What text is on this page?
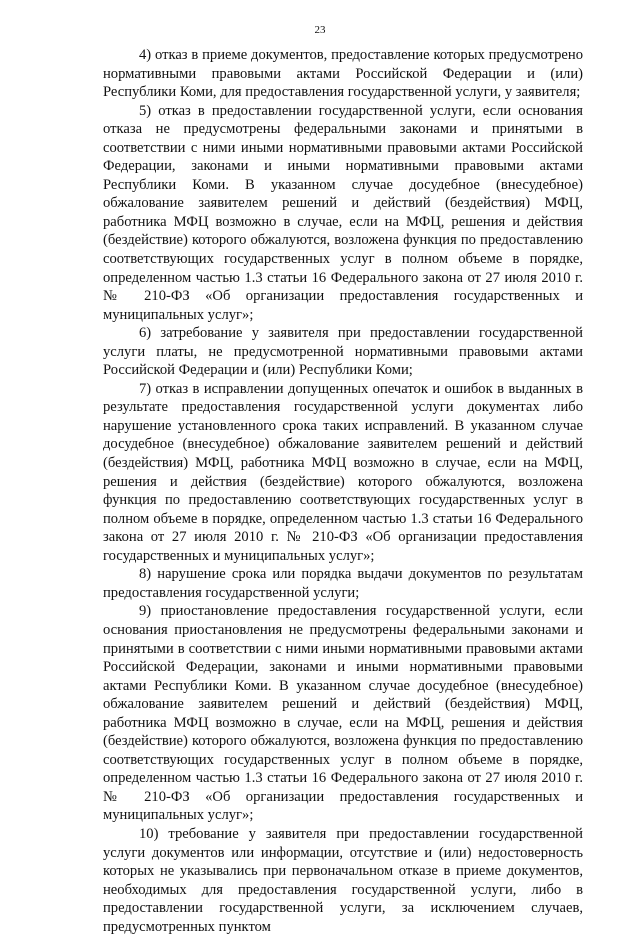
23

4) отказ в приеме документов, предоставление которых предусмотрено нормативными правовыми актами Российской Федерации и (или) Республики Коми, для предоставления государственной услуги, у заявителя;

5) отказ в предоставлении государственной услуги, если основания отказа не предусмотрены федеральными законами и принятыми в соответствии с ними иными нормативными правовыми актами Российской Федерации, законами и иными нормативными правовыми актами Республики Коми. В указанном случае досудебное (внесудебное) обжалование заявителем решений и действий (бездействия) МФЦ, работника МФЦ возможно в случае, если на МФЦ, решения и действия (бездействие) которого обжалуются, возложена функция по предоставлению соответствующих государственных услуг в полном объеме в порядке, определенном частью 1.3 статьи 16 Федерального закона от 27 июля 2010 г. № 210-ФЗ «Об организации предоставления государственных и муниципальных услуг»;

6) затребование у заявителя при предоставлении государственной услуги платы, не предусмотренной нормативными правовыми актами Российской Федерации и (или) Республики Коми;

7) отказ в исправлении допущенных опечаток и ошибок в выданных в результате предоставления государственной услуги документах либо нарушение установленного срока таких исправлений. В указанном случае досудебное (внесудебное) обжалование заявителем решений и действий (бездействия) МФЦ, работника МФЦ возможно в случае, если на МФЦ, решения и действия (бездействие) которого обжалуются, возложена функция по предоставлению соответствующих государственных услуг в полном объеме в порядке, определенном частью 1.3 статьи 16 Федерального закона от 27 июля 2010 г. № 210-ФЗ «Об организации предоставления государственных и муниципальных услуг»;

8) нарушение срока или порядка выдачи документов по результатам предоставления государственной услуги;

9) приостановление предоставления государственной услуги, если основания приостановления не предусмотрены федеральными законами и принятыми в соответствии с ними иными нормативными правовыми актами Российской Федерации, законами и иными нормативными правовыми актами Республики Коми. В указанном случае досудебное (внесудебное) обжалование заявителем решений и действий (бездействия) МФЦ, работника МФЦ возможно в случае, если на МФЦ, решения и действия (бездействие) которого обжалуются, возложена функция по предоставлению соответствующих государственных услуг в полном объеме в порядке, определенном частью 1.3 статьи 16 Федерального закона от 27 июля 2010 г. № 210-ФЗ «Об организации предоставления государственных и муниципальных услуг»;

10) требование у заявителя при предоставлении государственной услуги документов или информации, отсутствие и (или) недостоверность которых не указывались при первоначальном отказе в приеме документов, необходимых для предоставления государственной услуги, либо в предоставлении государственной услуги, за исключением случаев, предусмотренных пунктом
